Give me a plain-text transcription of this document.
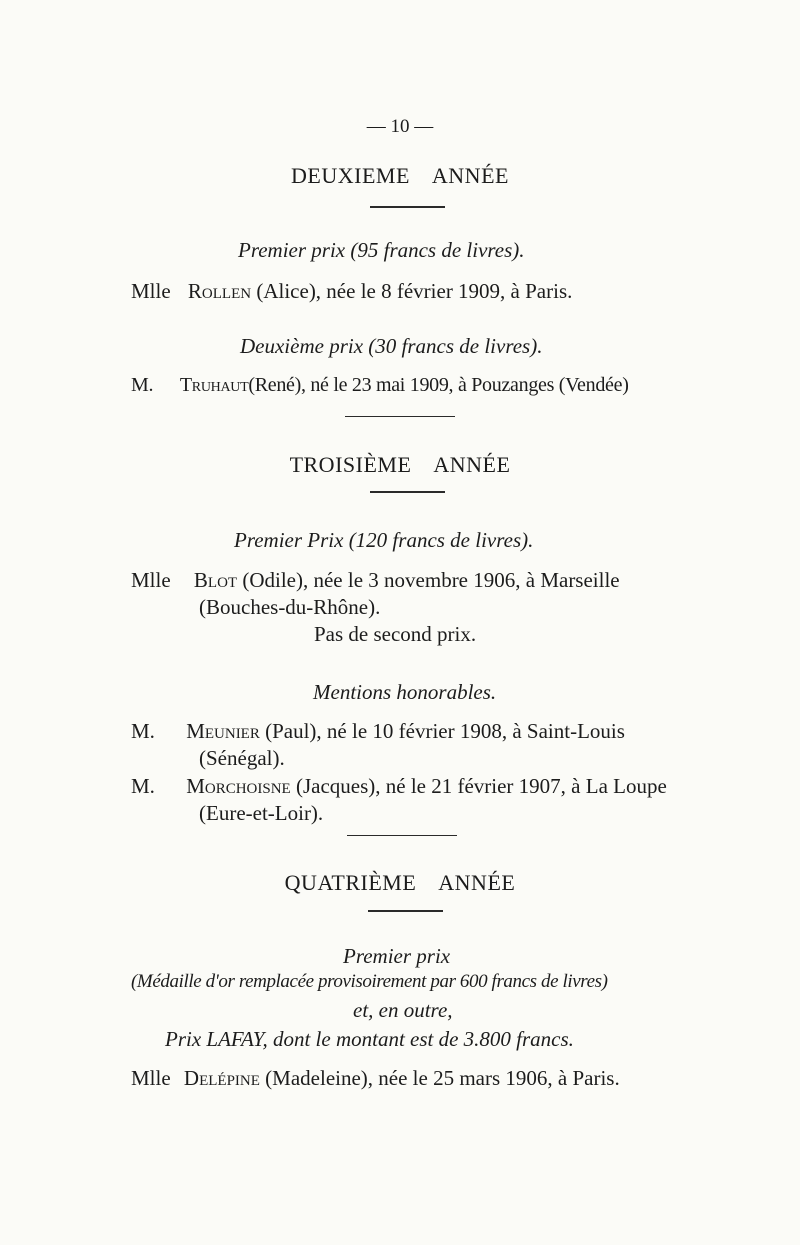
— 10 —
DEUXIEME ANNÉE
Premier prix (95 francs de livres).
Mlle Rollen (Alice), née le 8 février 1909, à Paris.
Deuxième prix (30 francs de livres).
M. Truhaut(René), né le 23 mai 1909, à Pouzanges (Vendée)
TROISIÈME ANNÉE
Premier Prix (120 francs de livres).
Mlle Blot (Odile), née le 3 novembre 1906, à Marseille
(Bouches-du-Rhône).
Pas de second prix.
Mentions honorables.
M. Meunier (Paul), né le 10 février 1908, à Saint-Louis
(Sénégal).
M. Morchoisne (Jacques), né le 21 février 1907, à La Loupe
(Eure-et-Loir).
QUATRIÈME ANNÉE
Premier prix
(Médaille d'or remplacée provisoirement par 600 francs de livres)
et, en outre,
Prix LAFAY, dont le montant est de 3.800 francs.
Mlle Delépine (Madeleine), née le 25 mars 1906, à Paris.
